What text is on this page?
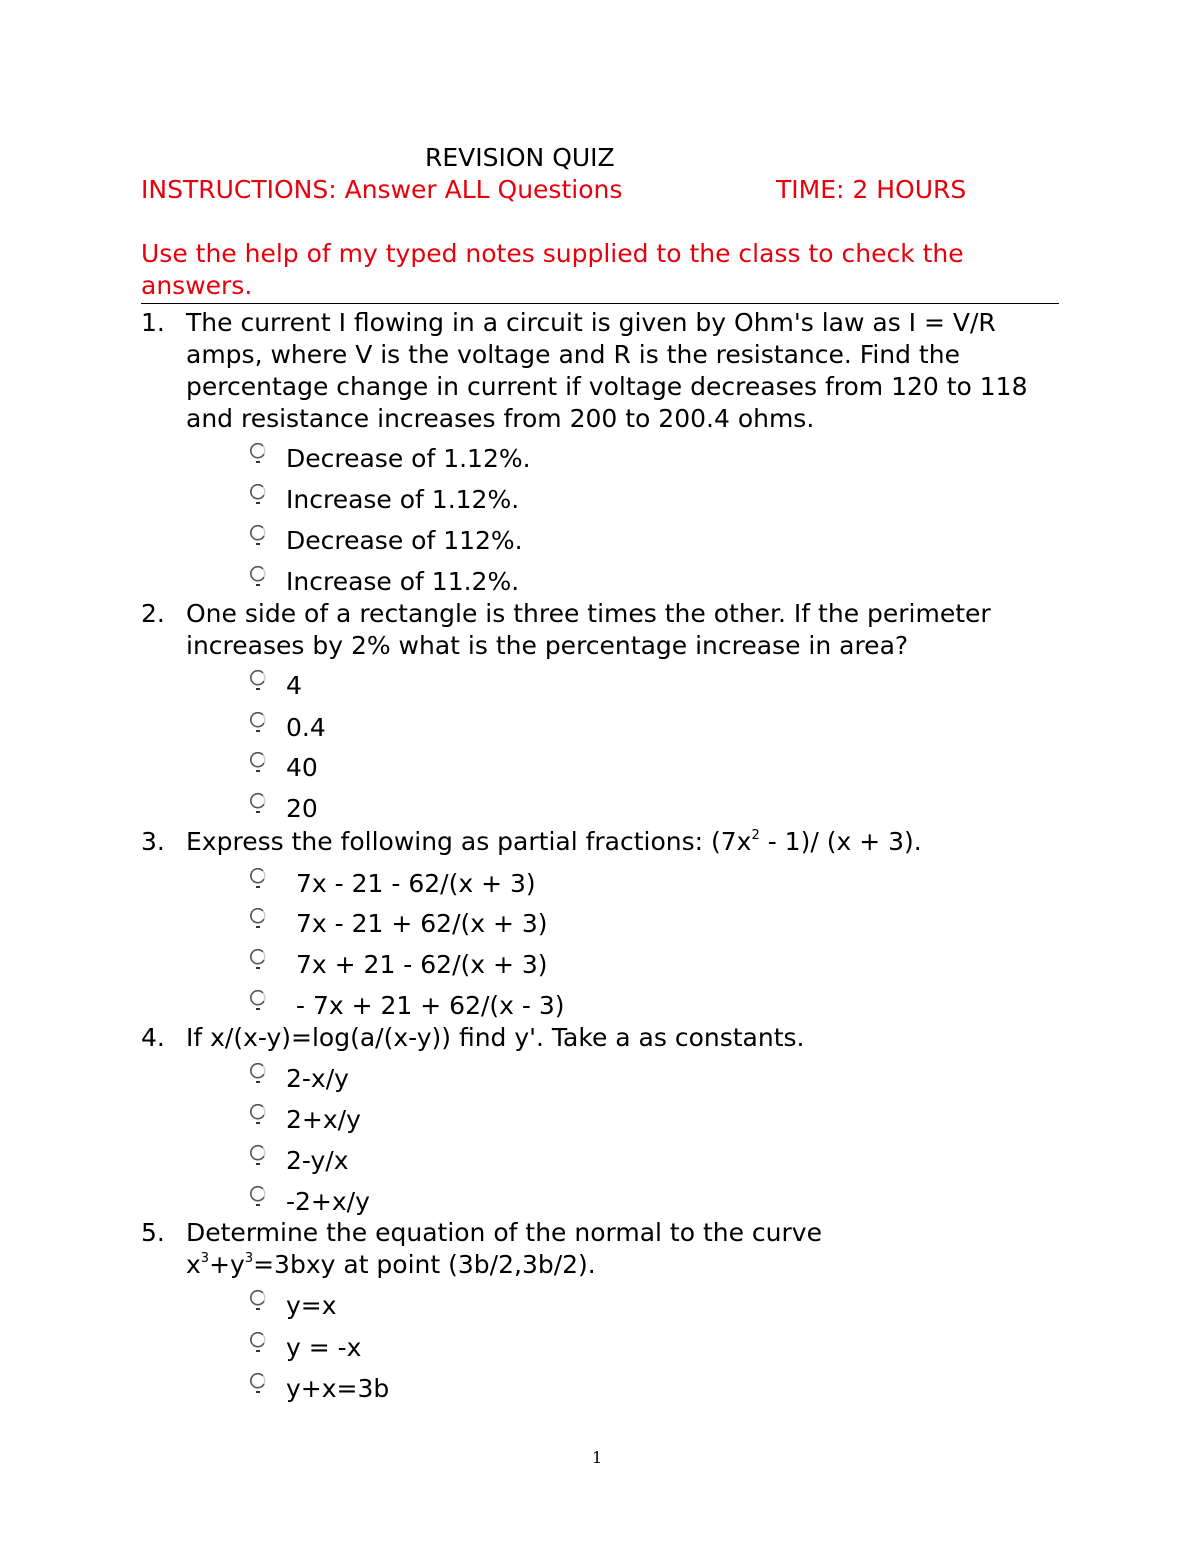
REVISION QUIZ
INSTRUCTIONS: Answer ALL Questions	TIME: 2 HOURS

Use the help of my typed notes supplied to the class to check the answers.

1. The current I flowing in a circuit is given by Ohm's law as I = V/R amps, where V is the voltage and R is the resistance. Find the percentage change in current if voltage decreases from 120 to 118 and resistance increases from 200 to 200.4 ohms.
Decrease of 1.12%.
Increase of 1.12%.
Decrease of 112%.
Increase of 11.2%.
2. One side of a rectangle is three times the other. If the perimeter increases by 2% what is the percentage increase in area?
4
0.4
40
20
3. Express the following as partial fractions: $(7x^2 - 1)/$ (x + 3).
7x - 21 - 62/(x + 3)
7x - 21 + 62/(x + 3)
7x + 21 - 62/(x + 3)
- 7x + 21 + 62/(x - 3)
4. If x/(x-y)=log(a/(x-y)) find y'. Take a as constants.
2-x/y
2+x/y
2-y/x
-2+x/y
5. Determine the equation of the normal to the curve
$x^3+y^3=3bxy$ at point (3b/2,3b/2).
y=x
y = -x
y+x=3b
1
